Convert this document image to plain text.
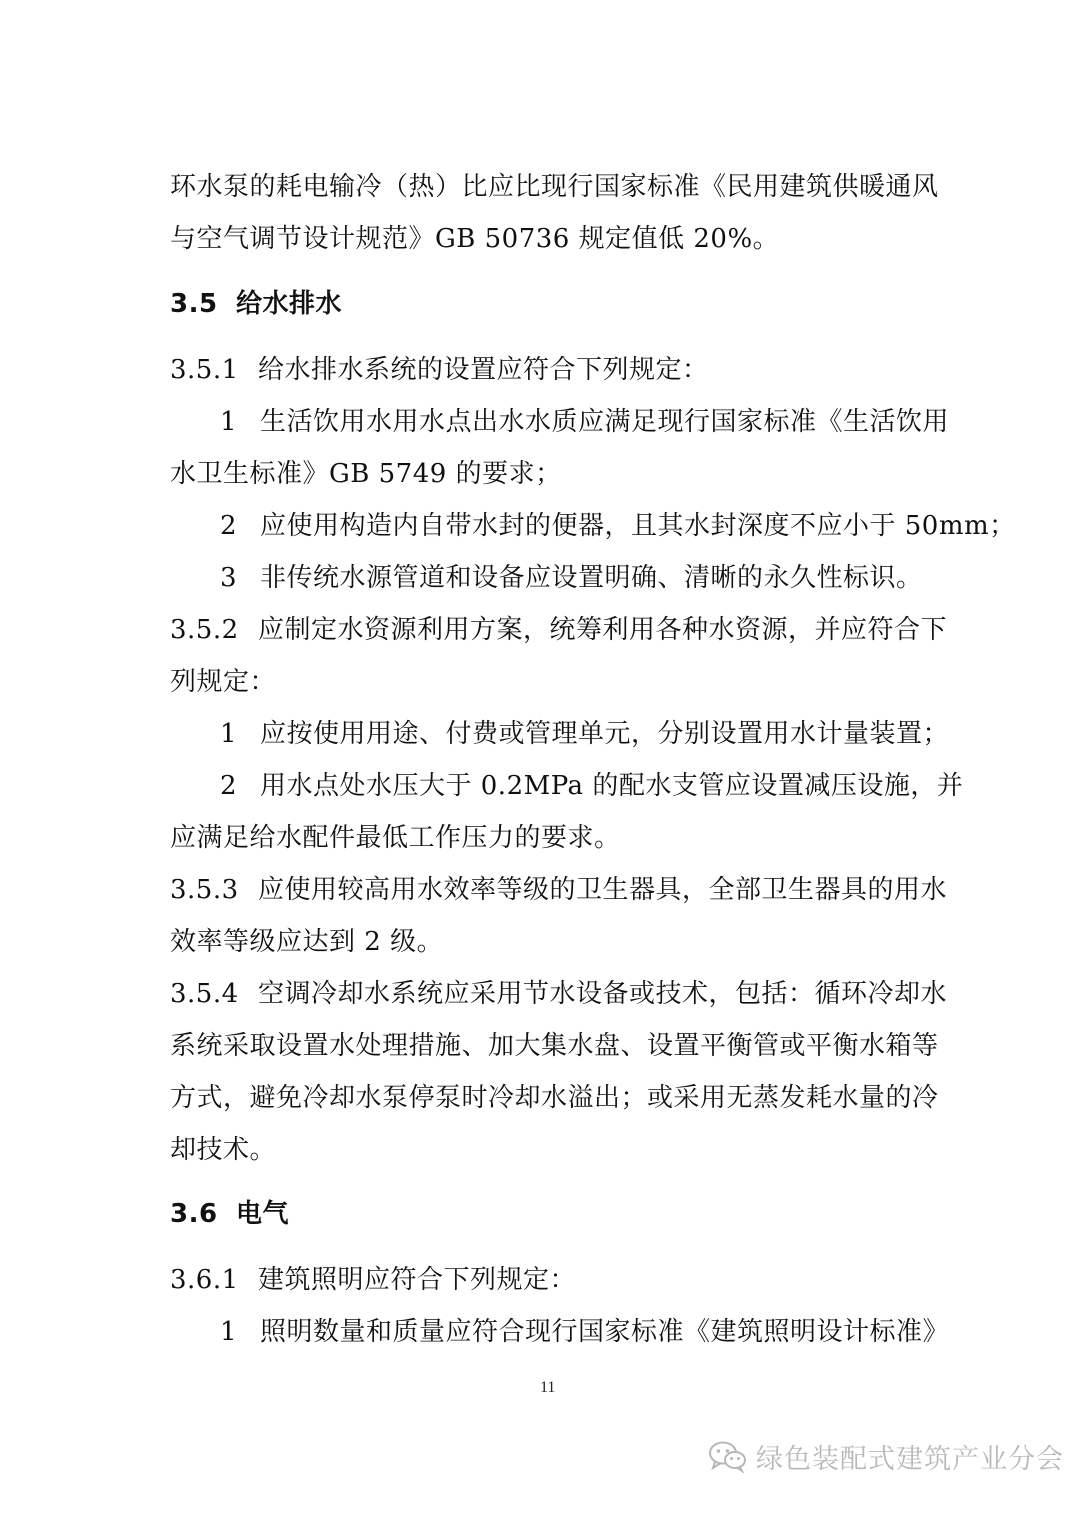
环水泵的耗电输冷（热）比应比现行国家标准《民用建筑供暖通风
与空气调节设计规范》GB 50736 规定值低 20%。
3.5 给水排水
3.5.1 给水排水系统的设置应符合下列规定：
1 生活饮用水用水点出水水质应满足现行国家标准《生活饮用
水卫生标准》GB 5749 的要求；
2 应使用构造内自带水封的便器，且其水封深度不应小于 50mm；
3 非传统水源管道和设备应设置明确、清晰的永久性标识。
3.5.2 应制定水资源利用方案，统筹利用各种水资源，并应符合下
列规定：
1 应按使用用途、付费或管理单元，分别设置用水计量装置；
2 用水点处水压大于 0.2MPa 的配水支管应设置减压设施，并
应满足给水配件最低工作压力的要求。
3.5.3 应使用较高用水效率等级的卫生器具，全部卫生器具的用水
效率等级应达到 2 级。
3.5.4 空调冷却水系统应采用节水设备或技术，包括：循环冷却水
系统采取设置水处理措施、加大集水盘、设置平衡管或平衡水箱等
方式，避免冷却水泵停泵时冷却水溢出；或采用无蒸发耗水量的冷
却技术。
3.6 电气
3.6.1 建筑照明应符合下列规定：
1 照明数量和质量应符合现行国家标准《建筑照明设计标准》
11
绿色装配式建筑产业分会
